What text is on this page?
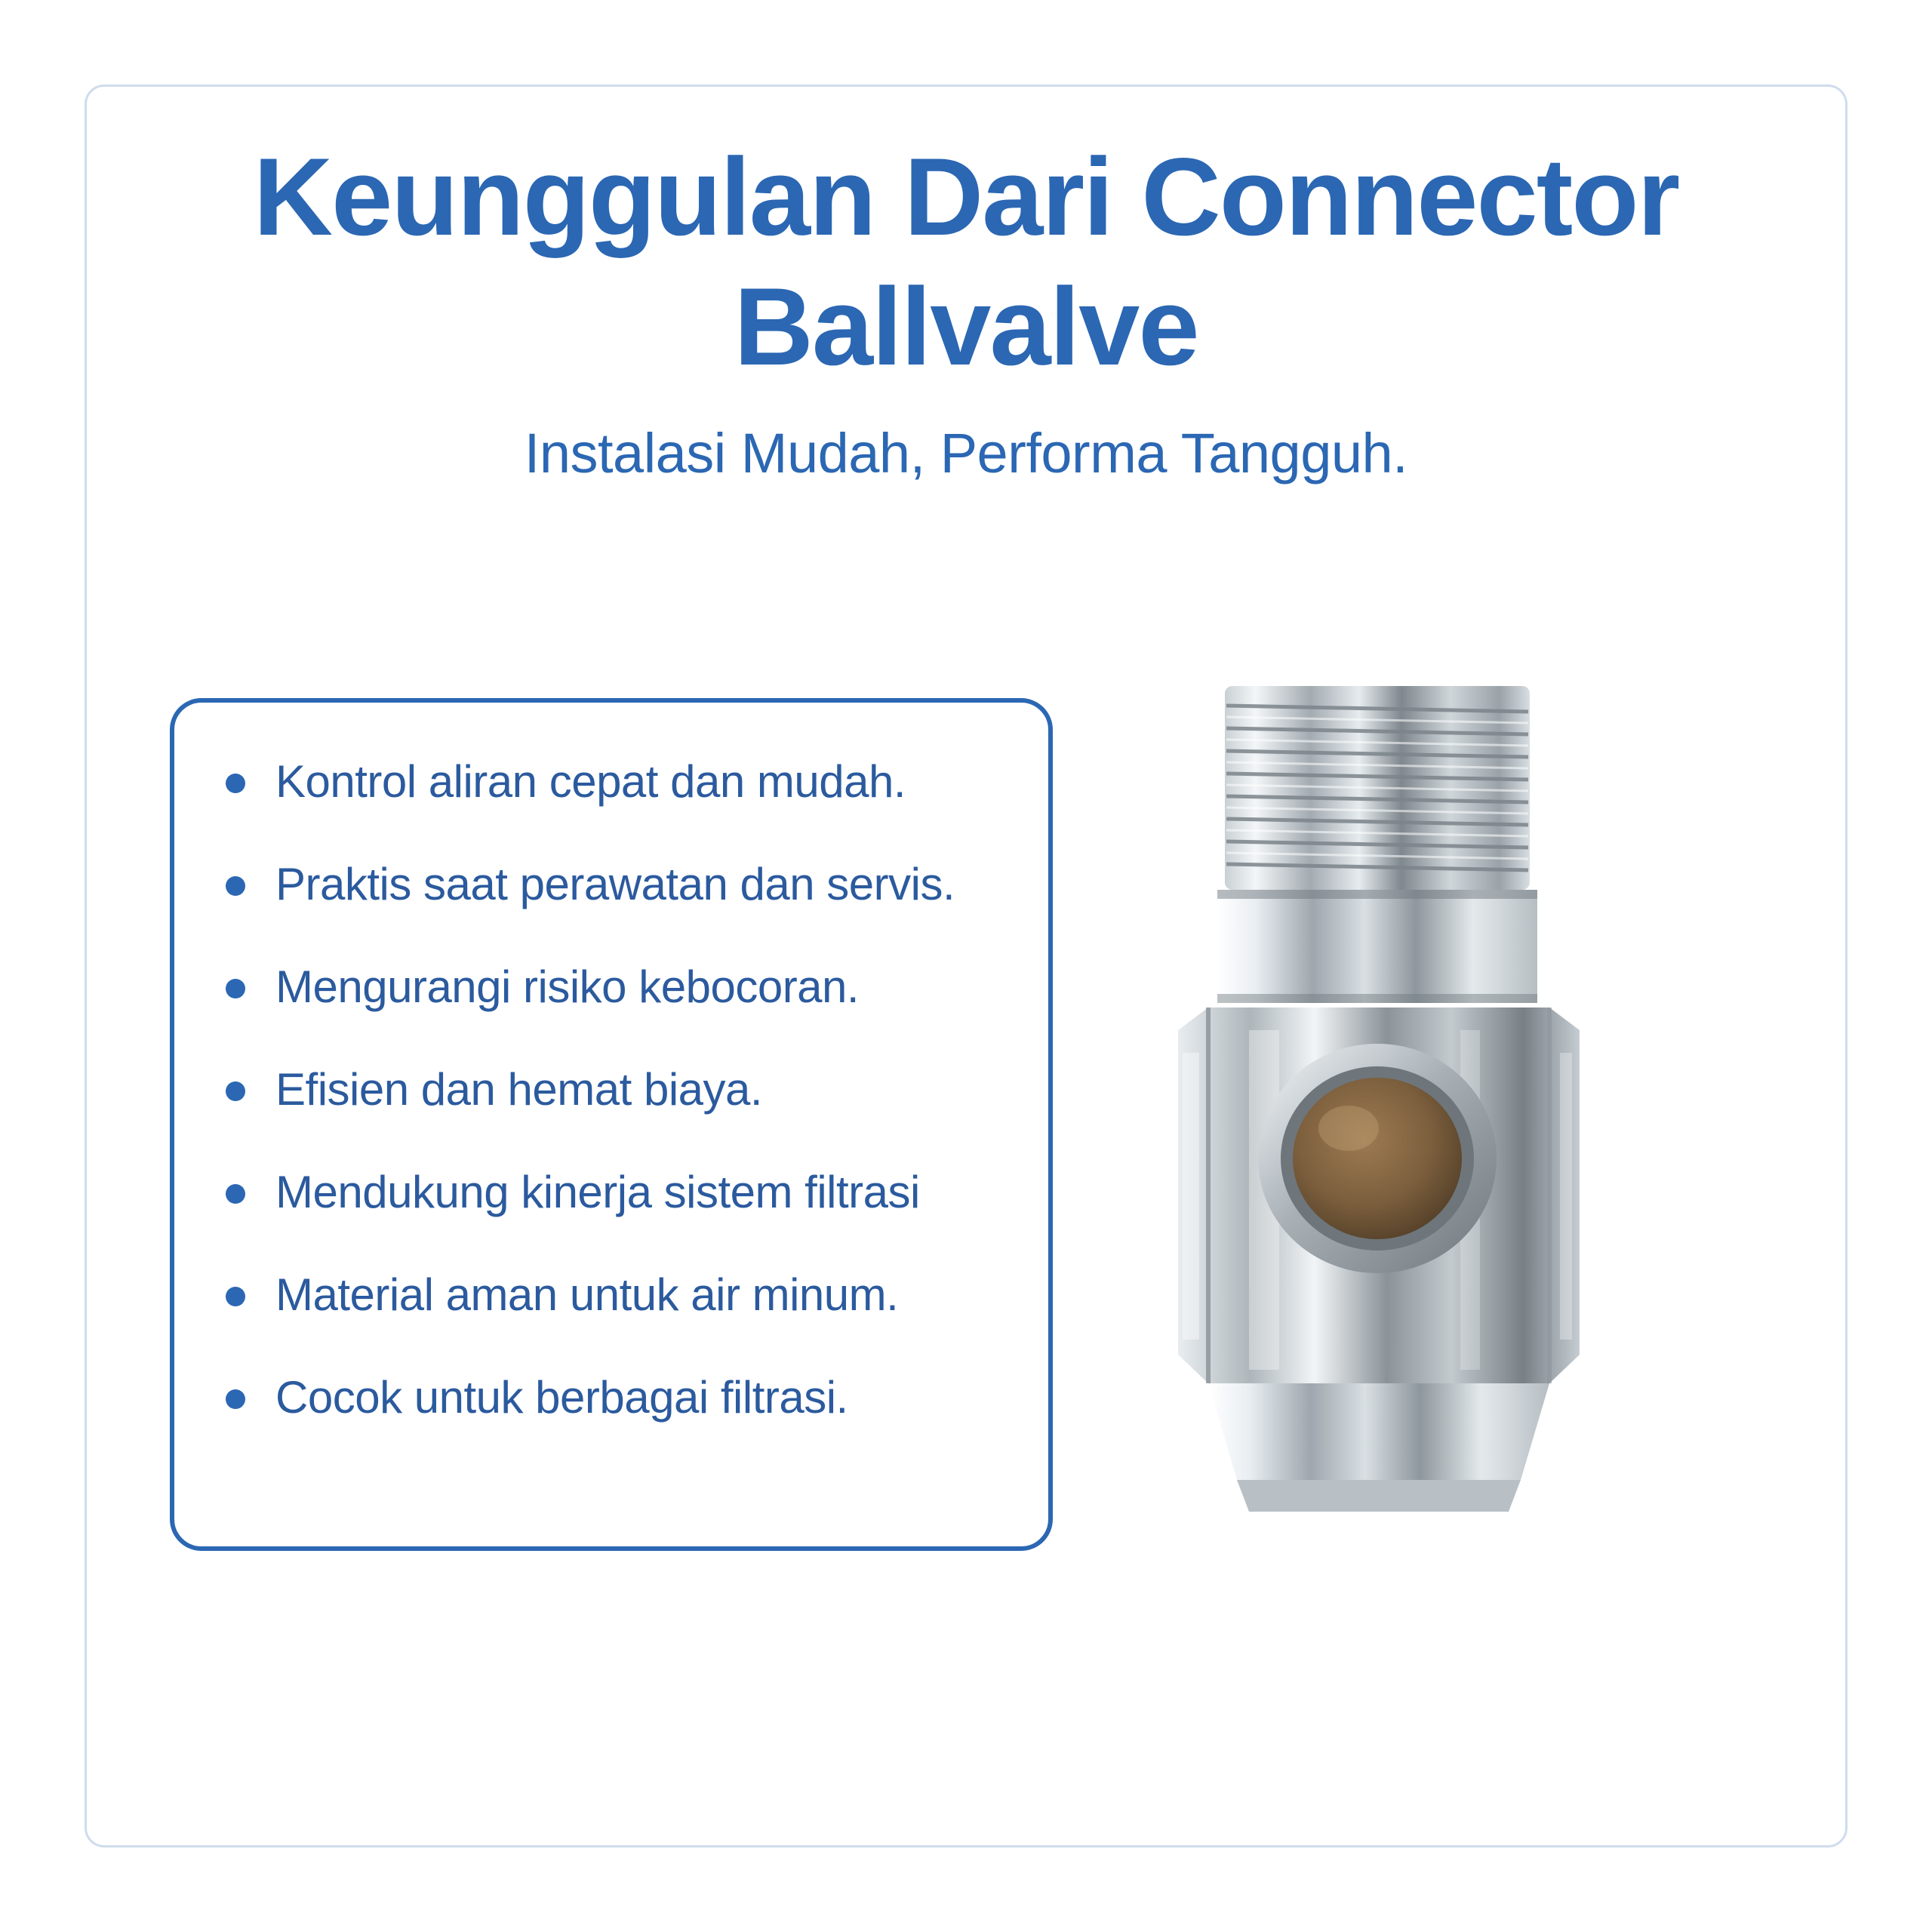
Keunggulan Dari Connector Ballvalve

Instalasi Mudah, Performa Tangguh.

Kontrol aliran cepat dan mudah.
Praktis saat perawatan dan servis.
Mengurangi risiko kebocoran.
Efisien dan hemat biaya.
Mendukung kinerja sistem filtrasi
Material aman untuk air minum.
Cocok untuk berbagai filtrasi.
